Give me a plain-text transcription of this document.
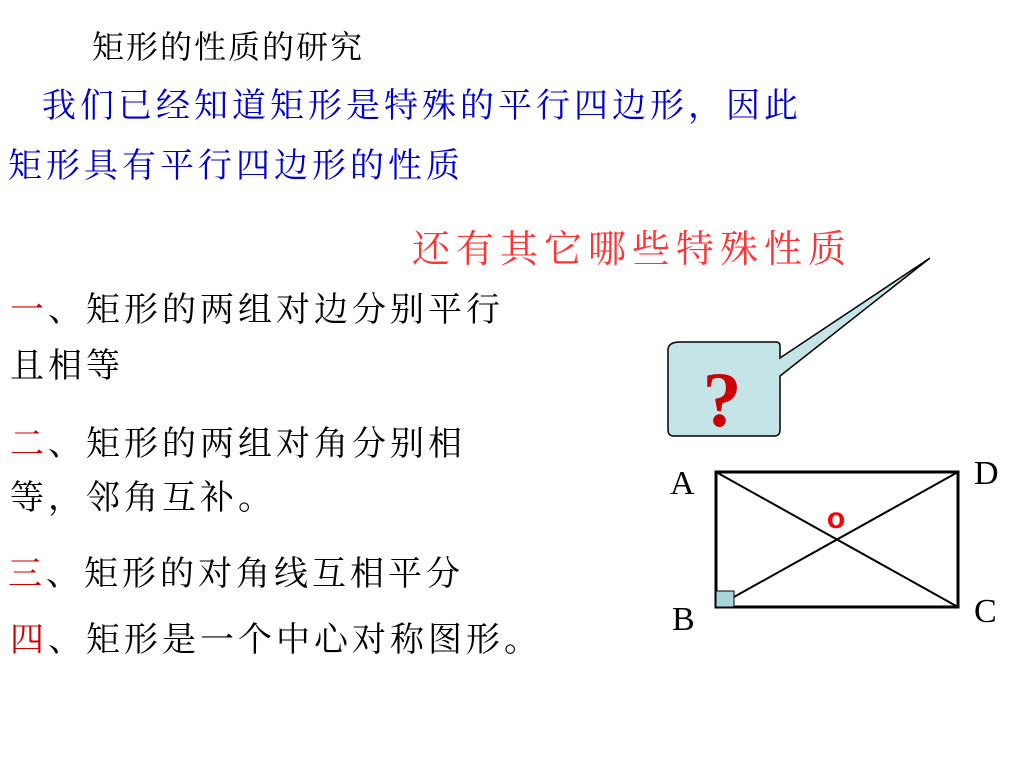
矩形的性质的研究
我们已经知道矩形是特殊的平行四边形，因此
矩形具有平行四边形的性质
还有其它哪些特殊性质
一、矩形的两组对边分别平行
且相等
二、矩形的两组对角分别相
等，邻角互补。
三、矩形的对角线互相平分
四、矩形是一个中心对称图形。
?
A
B	C
D
o
